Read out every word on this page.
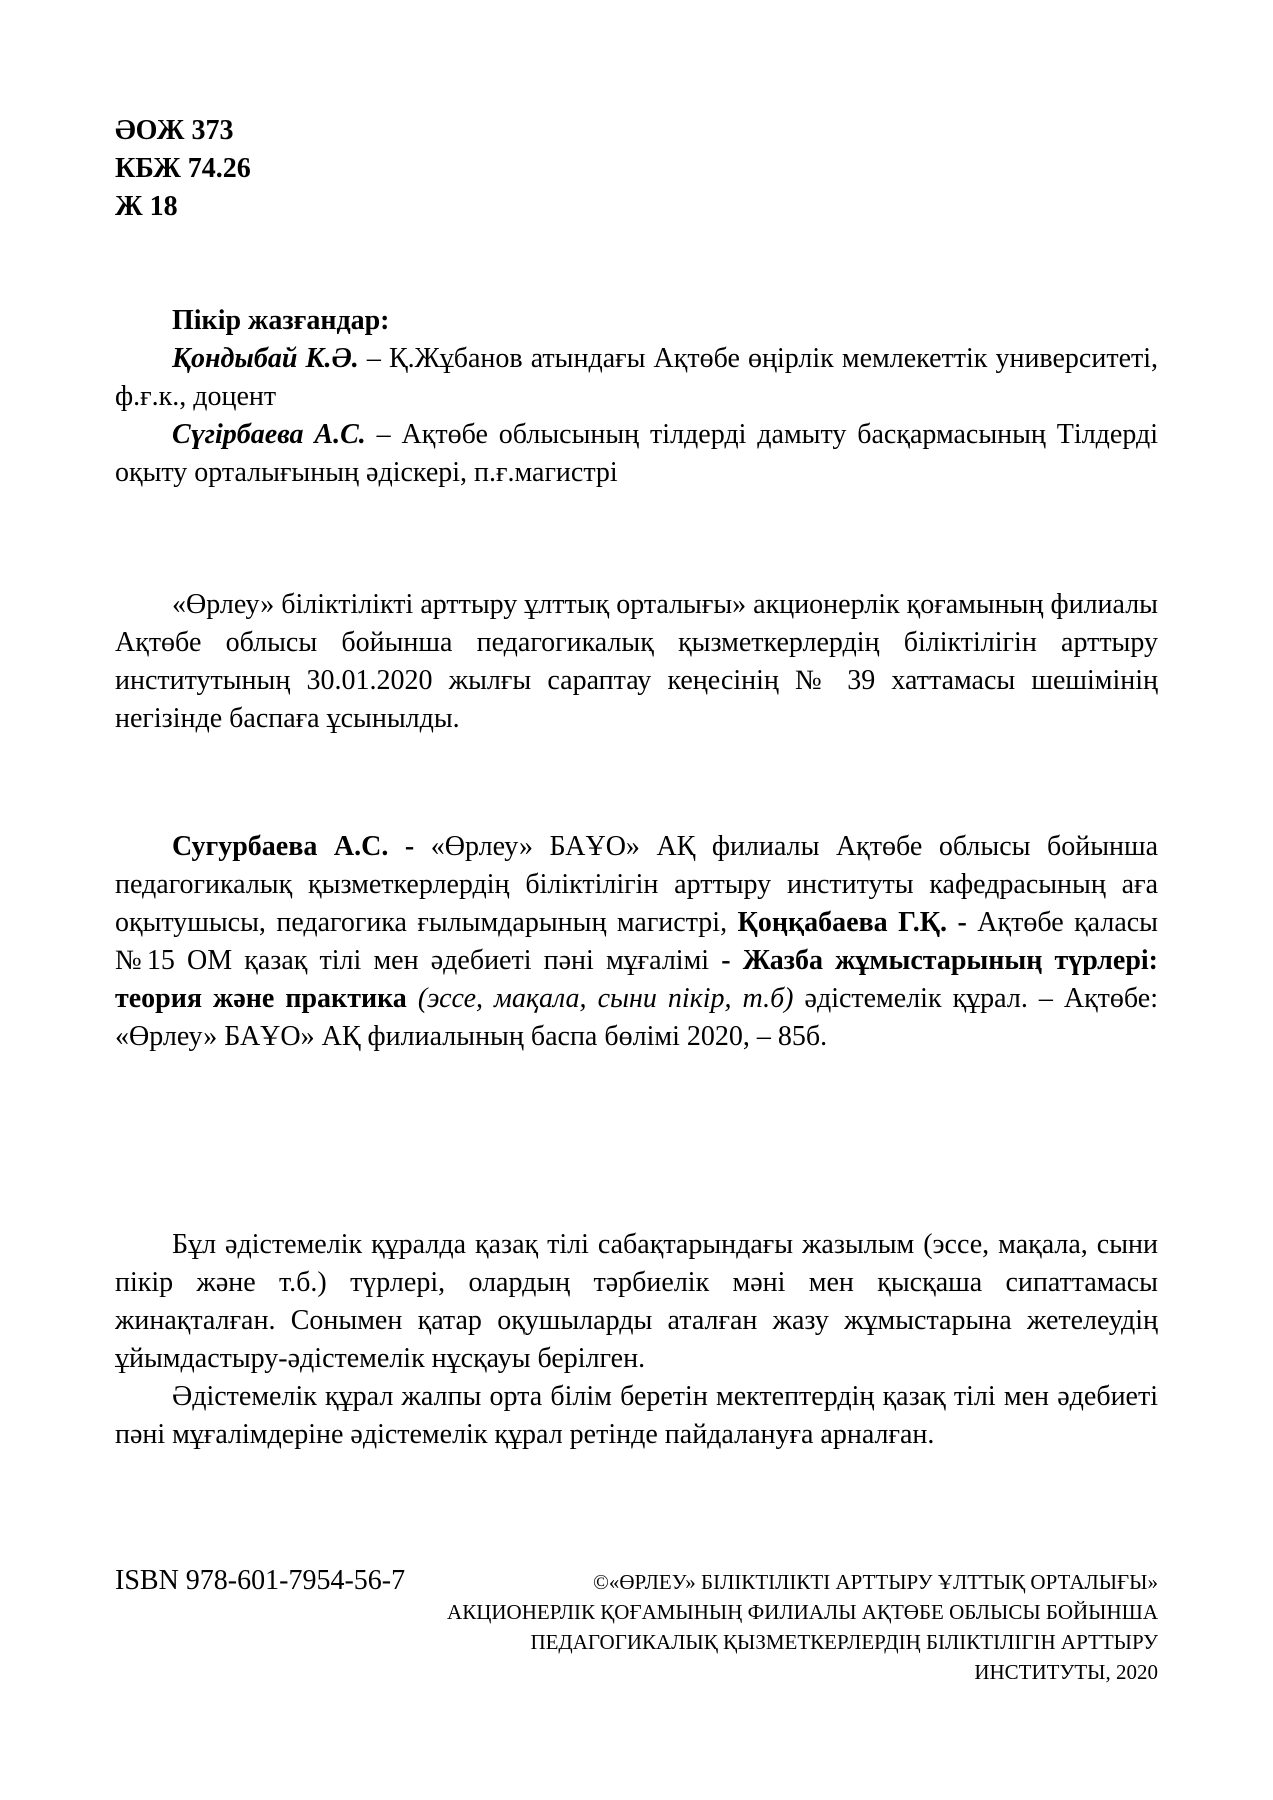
ӘОЖ 373
КБЖ 74.26
Ж 18

Пікір жазғандар:

Қондыбай К.Ә. – Қ.Жұбанов атындағы Ақтөбе өңірлік мемлекеттік университеті, ф.ғ.к., доцент

Сүгірбаева А.С. – Ақтөбе облысының тілдерді дамыту басқармасының Тілдерді оқыту орталығының әдіскері, п.ғ.магистрі

«Өрлеу» біліктілікті арттыру ұлттық орталығы» акционерлік қоғамының филиалы Ақтөбе облысы бойынша педагогикалық қызметкерлердің біліктілігін арттыру институтының 30.01.2020 жылғы сараптау кеңесінің № 39 хаттамасы шешімінің негізінде баспаға ұсынылды.

Сугурбаева А.С. - «Өрлеу» БАҰО» АҚ филиалы Ақтөбе облысы бойынша педагогикалық қызметкерлердің біліктілігін арттыру институты кафедрасының аға оқытушысы, педагогика ғылымдарының магистрі, Қоңқабаева Г.Қ. - Ақтөбе қаласы №15 ОМ қазақ тілі мен әдебиеті пәні мұғалімі - Жазба жұмыстарының түрлері: теория және практика (эссе, мақала, сыни пікір, т.б) әдістемелік құрал. – Ақтөбе: «Өрлеу» БАҰО» АҚ филиалының баспа бөлімі 2020, – 85б.

Бұл әдістемелік құралда қазақ тілі сабақтарындағы жазылым (эссе, мақала, сыни пікір және т.б.) түрлері, олардың тәрбиелік мәні мен қысқаша сипаттамасы жинақталған. Сонымен қатар оқушыларды аталған жазу жұмыстарына жетелеудің ұйымдастыру-әдістемелік нұсқауы берілген.

Әдістемелік құрал жалпы орта білім беретін мектептердің қазақ тілі мен әдебиеті пәні мұғалімдеріне әдістемелік құрал ретінде пайдалануға арналған.

ISBN 978-601-7954-56-7	©«ӨРЛЕУ» БІЛІКТІЛІКТІ АРТТЫРУ ҰЛТТЫҚ ОРТАЛЫҒЫ»
АКЦИОНЕРЛІК ҚОҒАМЫНЫҢ ФИЛИАЛЫ АҚТӨБЕ ОБЛЫСЫ БОЙЫНША
ПЕДАГОГИКАЛЫҚ ҚЫЗМЕТКЕРЛЕРДІҢ БІЛІКТІЛІГІН АРТТЫРУ ИНСТИТУТЫ, 2020
